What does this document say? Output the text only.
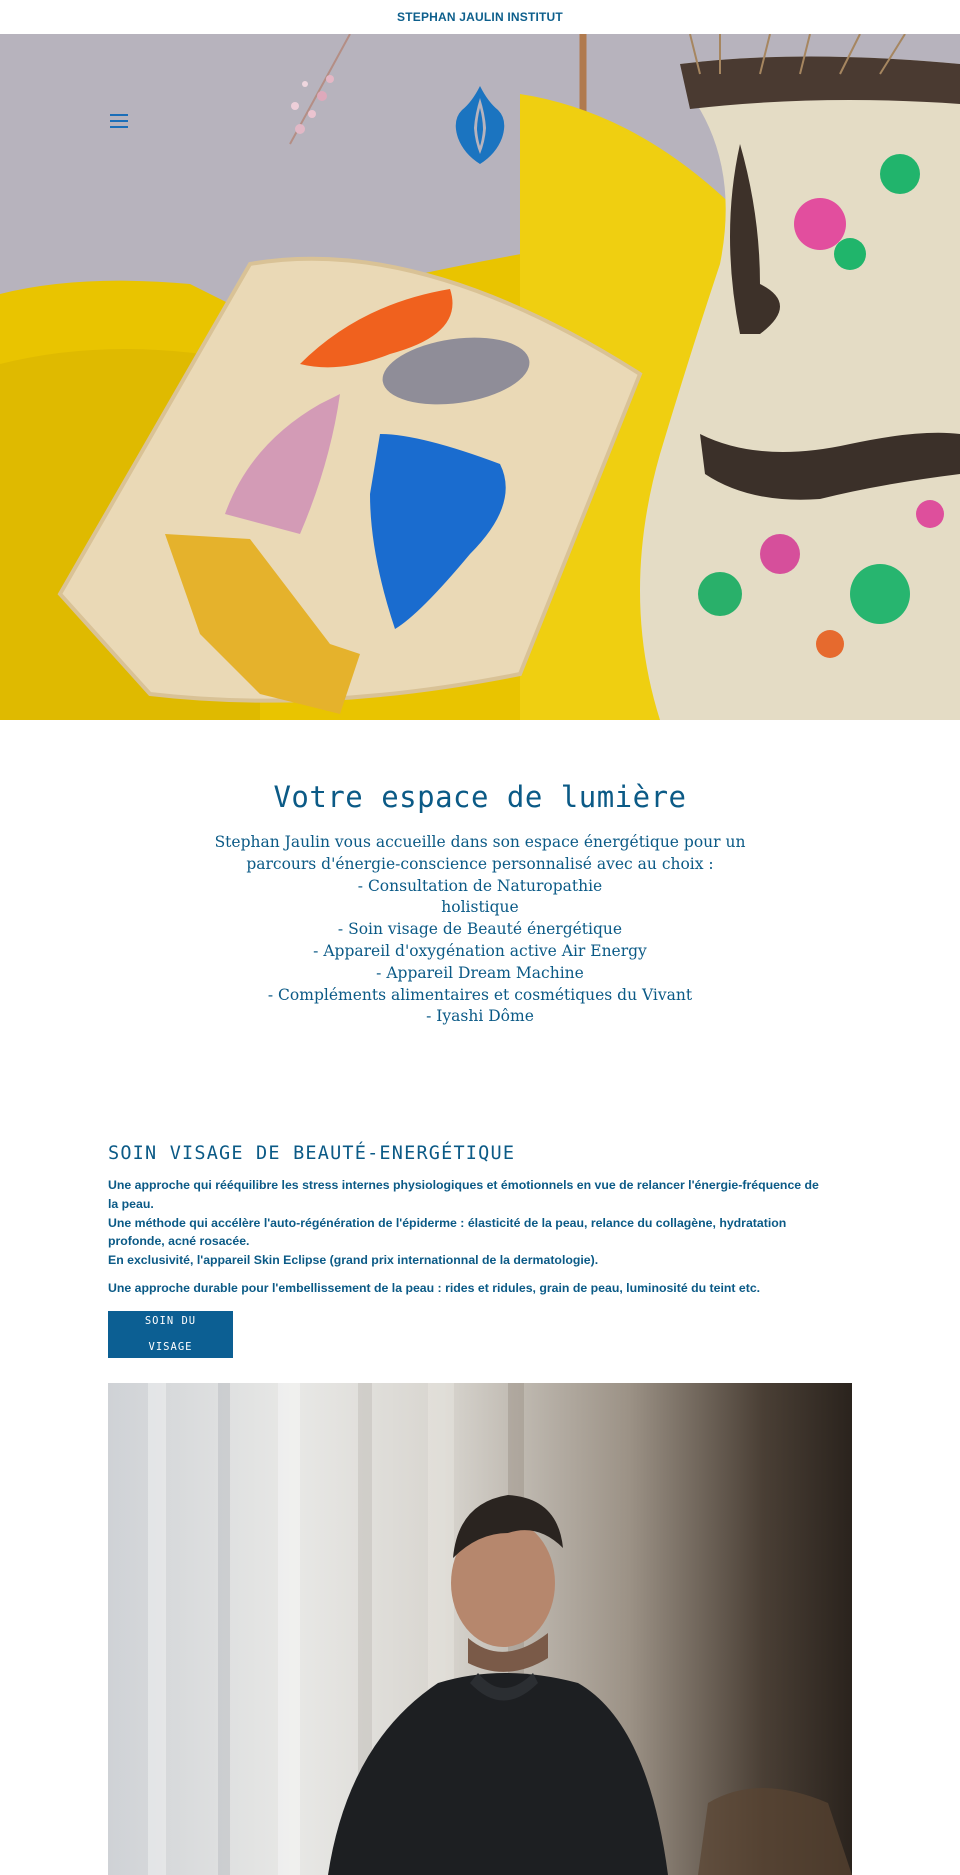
STEPHAN JAULIN INSTITUT
Votre espace de lumière
Stephan Jaulin vous accueille dans son espace énergétique pour un
parcours d'énergie-conscience personnalisé avec au choix :
- Consultation de Naturopathie
holistique
- Soin visage de Beauté énergétique
- Appareil d'oxygénation active Air Energy
- Appareil Dream Machine
- Compléments alimentaires et cosmétiques du Vivant
- Iyashi Dôme
SOIN VISAGE DE BEAUTÉ-ENERGÉTIQUE

Une approche qui rééquilibre les stress internes physiologiques et émotionnels en vue de relancer l'énergie-fréquence de
la peau.
Une méthode qui accélère l'auto-régénération de l'épiderme : élasticité de la peau, relance du collagène, hydratation
profonde, acné rosacée.
En exclusivité, l'appareil Skin Eclipse (grand prix internationnal de la dermatologie).

Une approche durable pour l'embellissement de la peau : rides et ridules, grain de peau, luminosité du teint etc.

SOIN DU

VISAGE
